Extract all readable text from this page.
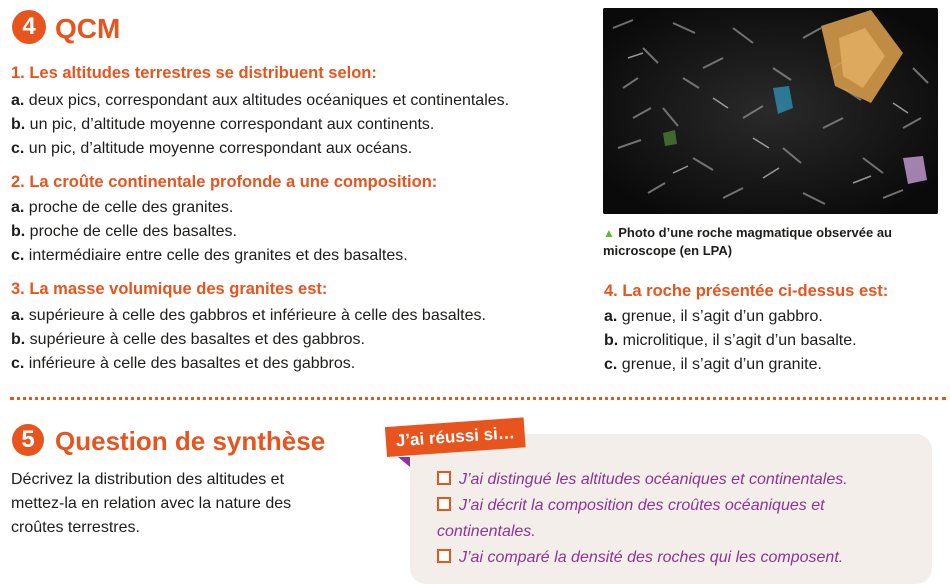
4 QCM
1. Les altitudes terrestres se distribuent selon:
a. deux pics, correspondant aux altitudes océaniques et continentales.
b. un pic, d’altitude moyenne correspondant aux continents.
c. un pic, d’altitude moyenne correspondant aux océans.
2. La croûte continentale profonde a une composition:
a. proche de celle des granites.
b. proche de celle des basaltes.
c. intermédiaire entre celle des granites et des basaltes.
3. La masse volumique des granites est:
a. supérieure à celle des gabbros et inférieure à celle des basaltes.
b. supérieure à celle des basaltes et des gabbros.
c. inférieure à celle des basaltes et des gabbros.
▲ Photo d’une roche magmatique observée au microscope (en LPA)
4. La roche présentée ci-dessus est:
a. grenue, il s’agit d’un gabbro.
b. microlitique, il s’agit d’un basalte.
c. grenue, il s’agit d’un granite.
5 Question de synthèse
Décrivez la distribution des altitudes et mettez-la en relation avec la nature des croûtes terrestres.
J’ai réussi si…
J’ai distingué les altitudes océaniques et continentales.
J’ai décrit la composition des croûtes océaniques et
continentales.
J’ai comparé la densité des roches qui les composent.
